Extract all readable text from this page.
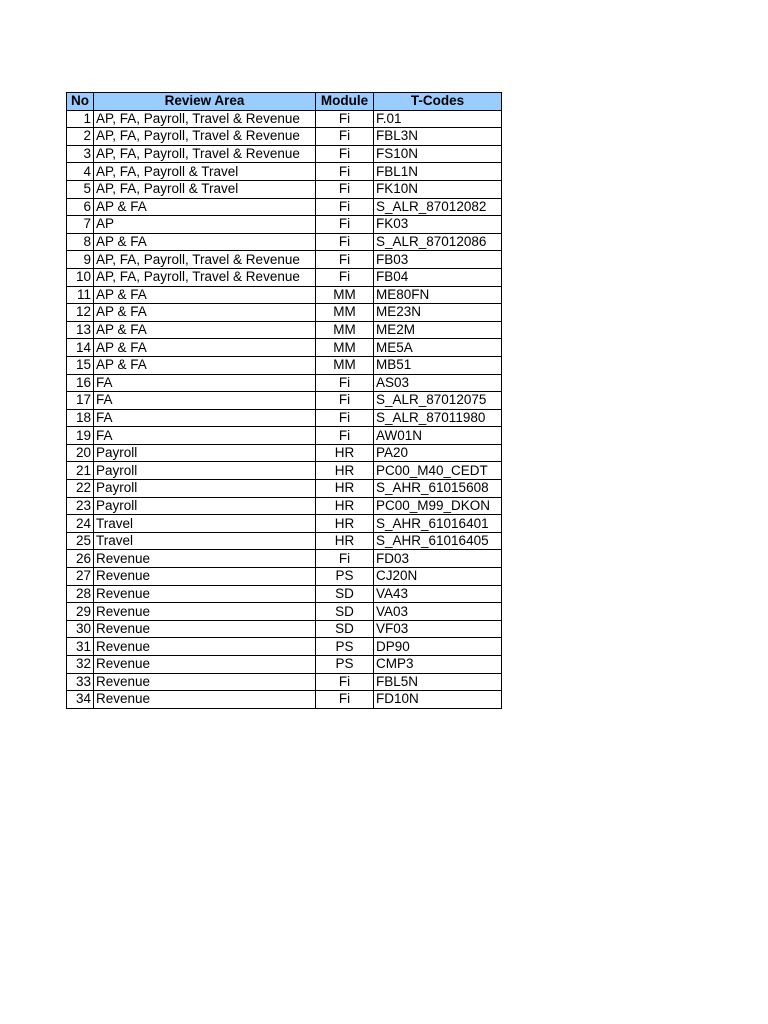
No	Review Area	Module	T-Codes
1	AP, FA, Payroll, Travel & Revenue	Fi	F.01
2	AP, FA, Payroll, Travel & Revenue	Fi	FBL3N
3	AP, FA, Payroll, Travel & Revenue	Fi	FS10N
4	AP, FA, Payroll & Travel	Fi	FBL1N
5	AP, FA, Payroll & Travel	Fi	FK10N
6	AP & FA	Fi	S_ALR_87012082
7	AP	Fi	FK03
8	AP & FA	Fi	S_ALR_87012086
9	AP, FA, Payroll, Travel & Revenue	Fi	FB03
10	AP, FA, Payroll, Travel & Revenue	Fi	FB04
11	AP & FA	MM	ME80FN
12	AP & FA	MM	ME23N
13	AP & FA	MM	ME2M
14	AP & FA	MM	ME5A
15	AP & FA	MM	MB51
16	FA	Fi	AS03
17	FA	Fi	S_ALR_87012075
18	FA	Fi	S_ALR_87011980
19	FA	Fi	AW01N
20	Payroll	HR	PA20
21	Payroll	HR	PC00_M40_CEDT
22	Payroll	HR	S_AHR_61015608
23	Payroll	HR	PC00_M99_DKON
24	Travel	HR	S_AHR_61016401
25	Travel	HR	S_AHR_61016405
26	Revenue	Fi	FD03
27	Revenue	PS	CJ20N
28	Revenue	SD	VA43
29	Revenue	SD	VA03
30	Revenue	SD	VF03
31	Revenue	PS	DP90
32	Revenue	PS	CMP3
33	Revenue	Fi	FBL5N
34	Revenue	Fi	FD10N
